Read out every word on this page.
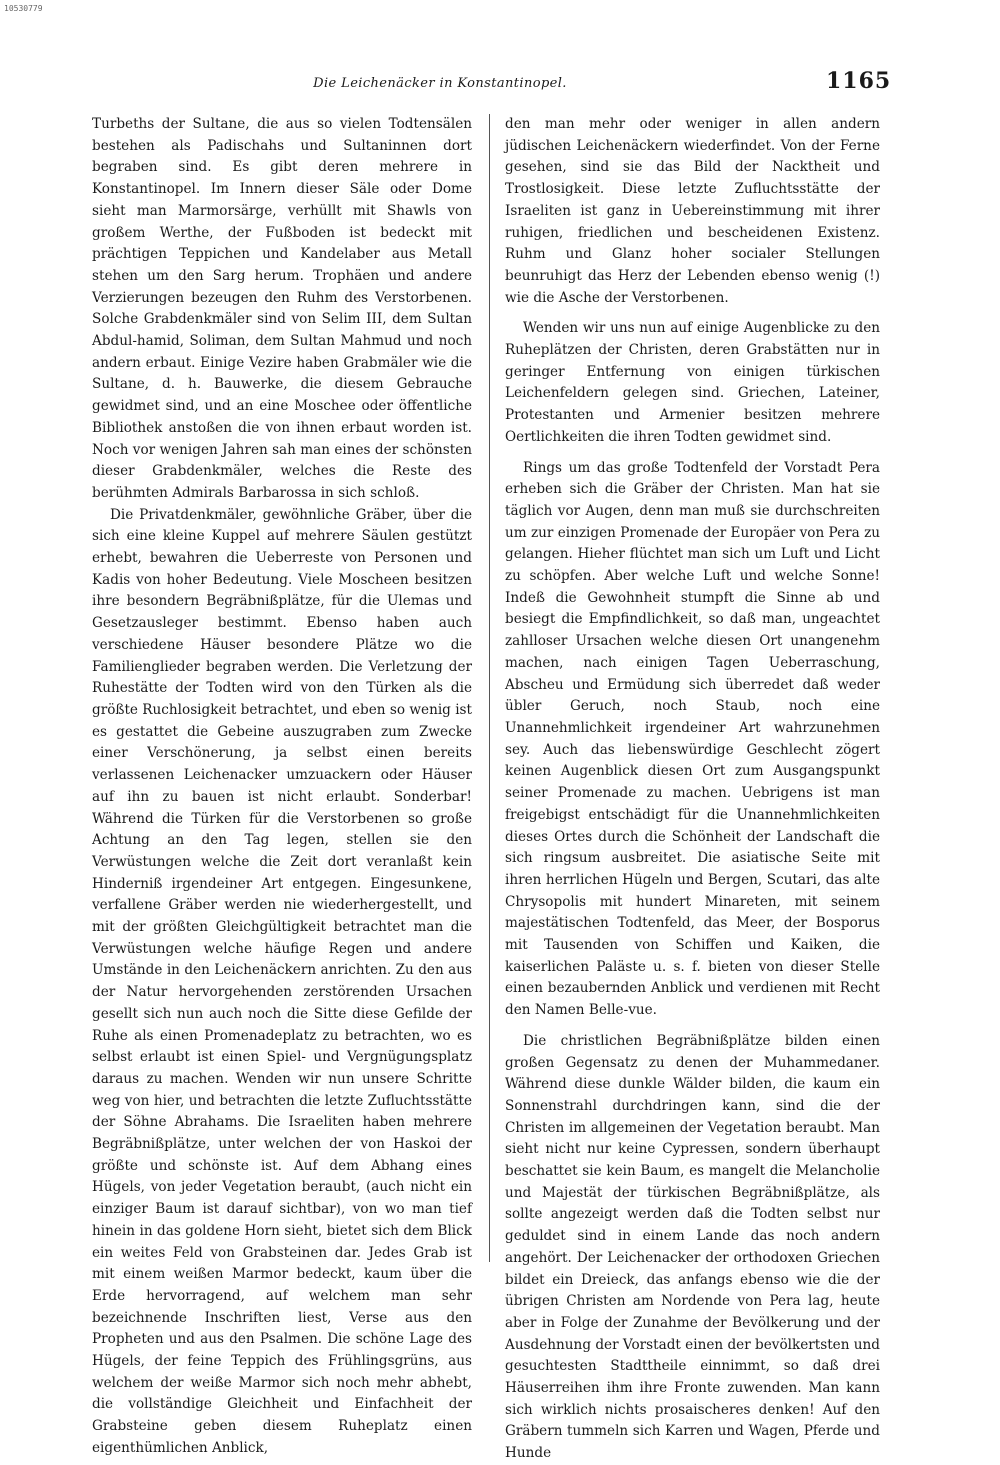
10530779
Die Leichenäcker in Konstantinopel.	1165

Turbeths der Sultane, die aus so vielen Todtensälen bestehen als Padischahs und Sultaninnen dort begraben sind. Es gibt deren mehrere in Konstantinopel. Im Innern dieser Säle oder Dome sieht man Marmorsärge, verhüllt mit Shawls von großem Werthe, der Fußboden ist bedeckt mit prächtigen Teppichen und Kandelaber aus Metall stehen um den Sarg herum. Trophäen und andere Verzierungen bezeugen den Ruhm des Verstorbenen. Solche Grabdenkmäler sind von Selim III, dem Sultan Abdul-hamid, Soliman, dem Sultan Mahmud und noch andern erbaut. Einige Vezire haben Grabmäler wie die Sultane, d. h. Bauwerke, die diesem Gebrauche gewidmet sind, und an eine Moschee oder öffentliche Bibliothek anstoßen die von ihnen erbaut worden ist. Noch vor wenigen Jahren sah man eines der schönsten dieser Grabdenkmäler, welches die Reste des berühmten Admirals Barbarossa in sich schloß.

Die Privatdenkmäler, gewöhnliche Gräber, über die sich eine kleine Kuppel auf mehrere Säulen gestützt erhebt, bewahren die Ueberreste von Personen und Kadis von hoher Bedeutung. Viele Moscheen besitzen ihre besondern Begräbnißplätze, für die Ulemas und Gesetzausleger bestimmt. Ebenso haben auch verschiedene Häuser besondere Plätze wo die Familienglieder begraben werden. Die Verletzung der Ruhestätte der Todten wird von den Türken als die größte Ruchlosigkeit betrachtet, und eben so wenig ist es gestattet die Gebeine auszugraben zum Zwecke einer Verschönerung, ja selbst einen bereits verlassenen Leichenacker umzuackern oder Häuser auf ihn zu bauen ist nicht erlaubt. Sonderbar! Während die Türken für die Verstorbenen so große Achtung an den Tag legen, stellen sie den Verwüstungen welche die Zeit dort veranlaßt kein Hinderniß irgendeiner Art entgegen. Eingesunkene, verfallene Gräber werden nie wiederhergestellt, und mit der größten Gleichgültigkeit betrachtet man die Verwüstungen welche häufige Regen und andere Umstände in den Leichenäckern anrichten. Zu den aus der Natur hervorgehenden zerstörenden Ursachen gesellt sich nun auch noch die Sitte diese Gefilde der Ruhe als einen Promenadeplatz zu betrachten, wo es selbst erlaubt ist einen Spiel- und Vergnügungsplatz daraus zu machen. Wenden wir nun unsere Schritte weg von hier, und betrachten die letzte Zufluchtsstätte der Söhne Abrahams. Die Israeliten haben mehrere Begräbnißplätze, unter welchen der von Haskoi der größte und schönste ist. Auf dem Abhang eines Hügels, von jeder Vegetation beraubt, (auch nicht ein einziger Baum ist darauf sichtbar), von wo man tief hinein in das goldene Horn sieht, bietet sich dem Blick ein weites Feld von Grabsteinen dar. Jedes Grab ist mit einem weißen Marmor bedeckt, kaum über die Erde hervorragend, auf welchem man sehr bezeichnende Inschriften liest, Verse aus den Propheten und aus den Psalmen. Die schöne Lage des Hügels, der feine Teppich des Frühlingsgrüns, aus welchem der weiße Marmor sich noch mehr abhebt, die vollständige Gleichheit und Einfachheit der Grabsteine geben diesem Ruheplatz einen eigenthümlichen Anblick,

den man mehr oder weniger in allen andern jüdischen Leichenäckern wiederfindet. Von der Ferne gesehen, sind sie das Bild der Nacktheit und Trostlosigkeit. Diese letzte Zufluchtsstätte der Israeliten ist ganz in Uebereinstimmung mit ihrer ruhigen, friedlichen und bescheidenen Existenz. Ruhm und Glanz hoher socialer Stellungen beunruhigt das Herz der Lebenden ebenso wenig (!) wie die Asche der Verstorbenen.

Wenden wir uns nun auf einige Augenblicke zu den Ruheplätzen der Christen, deren Grabstätten nur in geringer Entfernung von einigen türkischen Leichenfeldern gelegen sind. Griechen, Lateiner, Protestanten und Armenier besitzen mehrere Oertlichkeiten die ihren Todten gewidmet sind.

Rings um das große Todtenfeld der Vorstadt Pera erheben sich die Gräber der Christen. Man hat sie täglich vor Augen, denn man muß sie durchschreiten um zur einzigen Promenade der Europäer von Pera zu gelangen. Hieher flüchtet man sich um Luft und Licht zu schöpfen. Aber welche Luft und welche Sonne! Indeß die Gewohnheit stumpft die Sinne ab und besiegt die Empfindlichkeit, so daß man, ungeachtet zahlloser Ursachen welche diesen Ort unangenehm machen, nach einigen Tagen Ueberraschung, Abscheu und Ermüdung sich überredet daß weder übler Geruch, noch Staub, noch eine Unannehmlichkeit irgendeiner Art wahrzunehmen sey. Auch das liebenswürdige Geschlecht zögert keinen Augenblick diesen Ort zum Ausgangspunkt seiner Promenade zu machen. Uebrigens ist man freigebigst entschädigt für die Unannehmlichkeiten dieses Ortes durch die Schönheit der Landschaft die sich ringsum ausbreitet. Die asiatische Seite mit ihren herrlichen Hügeln und Bergen, Scutari, das alte Chrysopolis mit hundert Minareten, mit seinem majestätischen Todtenfeld, das Meer, der Bosporus mit Tausenden von Schiffen und Kaiken, die kaiserlichen Paläste u. s. f. bieten von dieser Stelle einen bezaubernden Anblick und verdienen mit Recht den Namen Belle-vue.

Die christlichen Begräbnißplätze bilden einen großen Gegensatz zu denen der Muhammedaner. Während diese dunkle Wälder bilden, die kaum ein Sonnenstrahl durchdringen kann, sind die der Christen im allgemeinen der Vegetation beraubt. Man sieht nicht nur keine Cypressen, sondern überhaupt beschattet sie kein Baum, es mangelt die Melancholie und Majestät der türkischen Begräbnißplätze, als sollte angezeigt werden daß die Todten selbst nur geduldet sind in einem Lande das noch andern angehört. Der Leichenacker der orthodoxen Griechen bildet ein Dreieck, das anfangs ebenso wie die der übrigen Christen am Nordende von Pera lag, heute aber in Folge der Zunahme der Bevölkerung und der Ausdehnung der Vorstadt einen der bevölkertsten und gesuchtesten Stadttheile einnimmt, so daß drei Häuserreihen ihm ihre Fronte zuwenden. Man kann sich wirklich nichts prosaischeres denken! Auf den Gräbern tummeln sich Karren und Wagen, Pferde und Hunde
